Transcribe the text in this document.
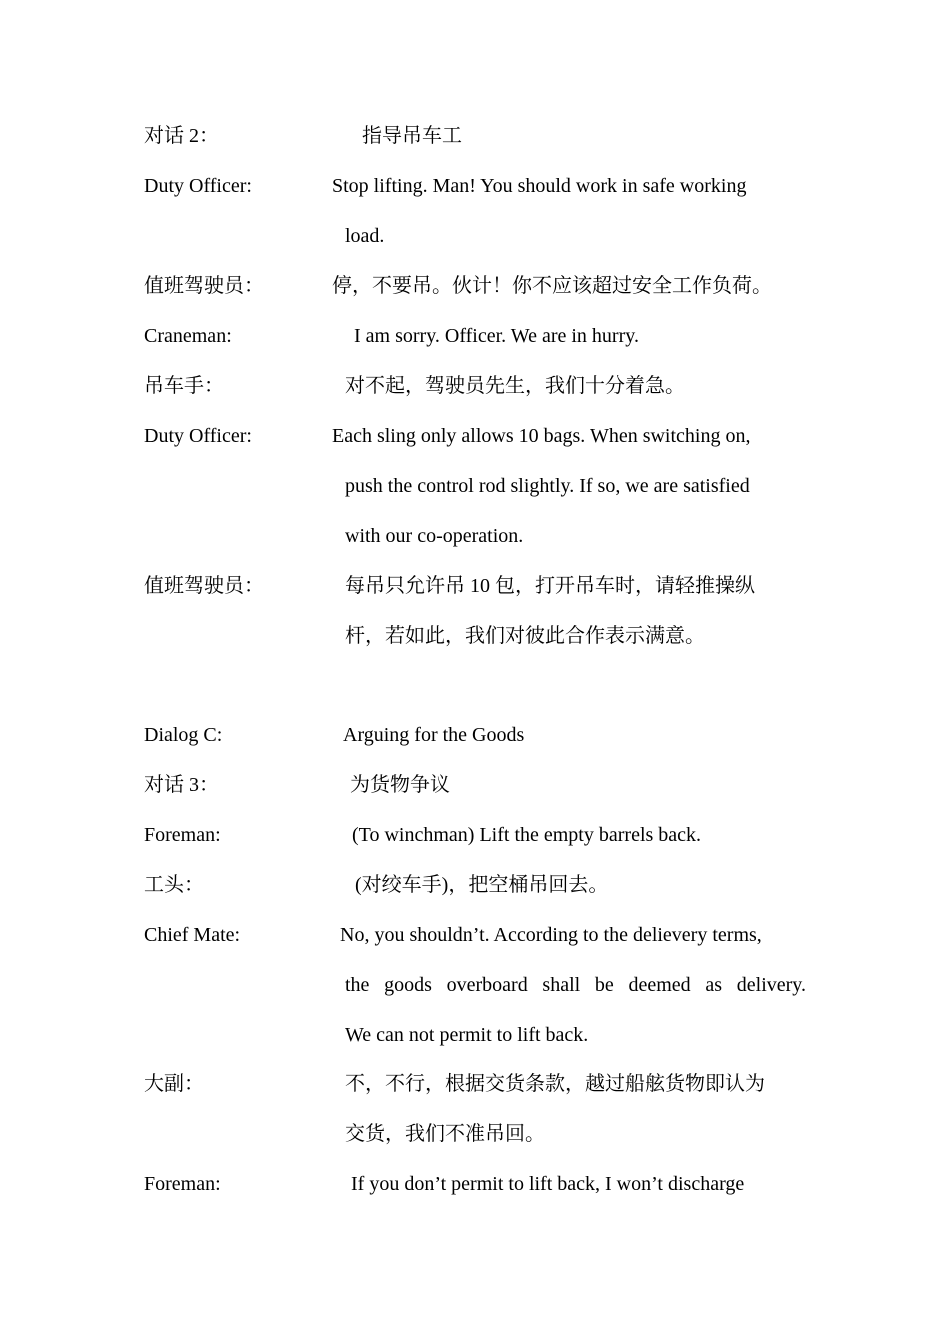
对话 2：	指导吊车工
Duty Officer:	Stop lifting. Man! You should work in safe working
load.
值班驾驶员：	停，不要吊。伙计！你不应该超过安全工作负荷。
Craneman:	I am sorry. Officer. We are in hurry.
吊车手：	对不起，驾驶员先生，我们十分着急。
Duty Officer:	Each sling only allows 10 bags. When switching on,
push the control rod slightly. If so, we are satisfied
with our co-operation.
值班驾驶员：	每吊只允许吊 10 包，打开吊车时，请轻推操纵
杆，若如此，我们对彼此合作表示满意。
Dialog C:	Arguing for the Goods
对话 3：	为货物争议
Foreman:	(To winchman) Lift the empty barrels back.
工头：	(对绞车手)，把空桶吊回去。
Chief Mate:	No, you shouldn’t. According to the delievery terms,
the goods overboard shall be deemed as delivery.
We can not permit to lift back.
大副：	不，不行，根据交货条款，越过船舷货物即认为
交货，我们不准吊回。
Foreman:	If you don’t permit to lift back, I won’t discharge
